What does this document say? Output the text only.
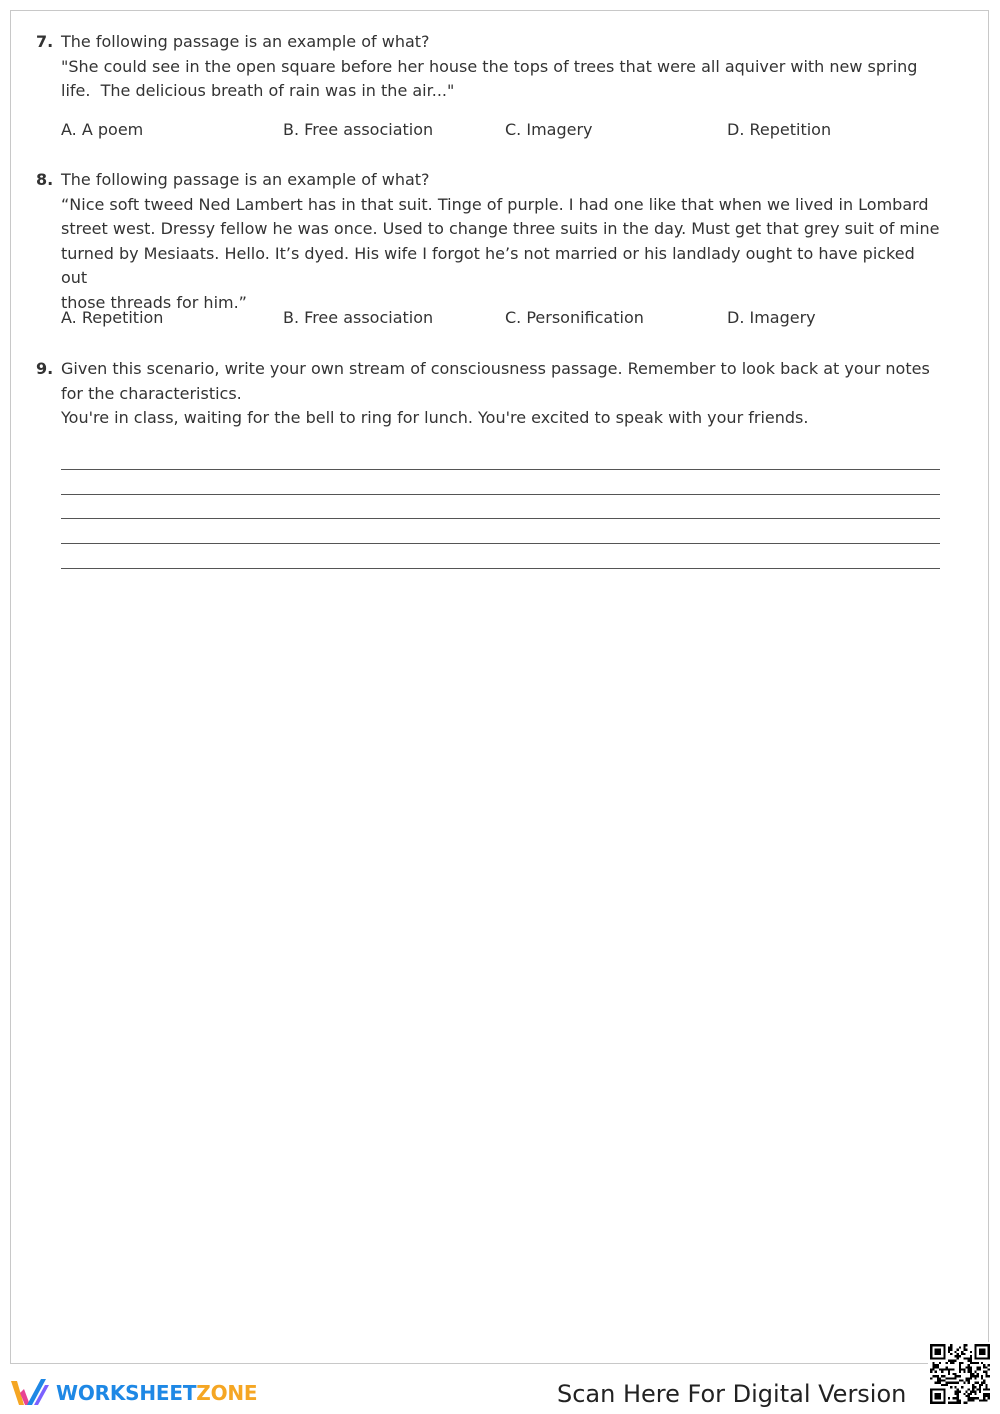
7. The following passage is an example of what?
"She could see in the open square before her house the tops of trees that were all aquiver with new spring
life.  The delicious breath of rain was in the air..."
A. A poem	B. Free association	C. Imagery	D. Repetition
8. The following passage is an example of what?
“Nice soft tweed Ned Lambert has in that suit. Tinge of purple. I had one like that when we lived in Lombard
street west. Dressy fellow he was once. Used to change three suits in the day. Must get that grey suit of mine
turned by Mesiaats. Hello. It’s dyed. His wife I forgot he’s not married or his landlady ought to have picked out
those threads for him.”
A. Repetition	B. Free association	C. Personification	D. Imagery
9. Given this scenario, write your own stream of consciousness passage. Remember to look back at your notes
for the characteristics.
You're in class, waiting for the bell to ring for lunch. You're excited to speak with your friends.
WORKSHEETZONE	Scan Here For Digital Version
